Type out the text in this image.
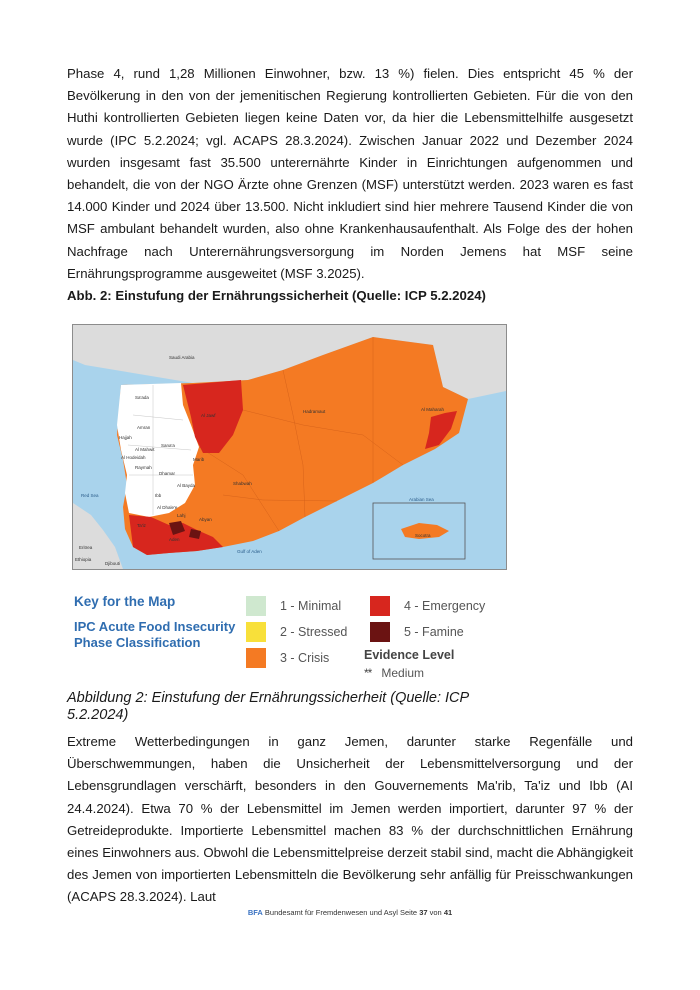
Phase 4, rund 1,28 Millionen Einwohner, bzw. 13 %) fielen. Dies entspricht 45 % der Bevölkerung in den von der jemenitischen Regierung kontrollierten Gebieten. Für die von den Huthi kontrollierten Gebieten liegen keine Daten vor, da hier die Lebensmittelhilfe ausgesetzt wurde (IPC 5.2.2024; vgl. ACAPS 28.3.2024). Zwischen Januar 2022 und Dezember 2024 wurden insgesamt fast 35.500 unterernährte Kinder in Einrichtungen aufgenommen und behandelt, die von der NGO Ärzte ohne Grenzen (MSF) unterstützt werden. 2023 waren es fast 14.000 Kinder und 2024 über 13.500. Nicht inkludiert sind hier mehrere Tausend Kinder die von MSF ambulant behandelt wurden, also ohne Krankenhausaufenthalt. Als Folge des der hohen Nachfrage nach Unterernährungsversorgung im Norden Jemens hat MSF seine Ernährungsprogramme ausgeweitet (MSF 3.2025).

Abb. 2: Einstufung der Ernährungssicherheit (Quelle: ICP 5.2.2024)

Saudi Arabia
Red Sea
Arabian Sea
Gulf of Aden
Socotra
Eritrea
Ethiopia
Djibouti
Al Jawf
Hadramaut	Al Maharah
Shabwah
Marib
Sa'ada
Amran
Hajjah
Al Hodeidah
Sana'a
Dhamar
Ibb
Ta'iz
Aden
Abyan
Lahj
Raymah
Al Mahwit
Al Bayda
Al Dhale'e

Key for the Map

IPC Acute Food Insecurity Phase Classification

1 - Minimal
2 - Stressed
3 - Crisis
4 - Emergency
5 - Famine
Evidence Level
** Medium

Abbildung 2: Einstufung der Ernährungssicherheit (Quelle: ICP 5.2.2024)

Extreme Wetterbedingungen in ganz Jemen, darunter starke Regenfälle und Überschwemmungen, haben die Unsicherheit der Lebensmittelversorgung und der Lebensgrundlagen verschärft, besonders in den Gouvernements Ma'rib, Ta'iz und Ibb (AI 24.4.2024). Etwa 70 % der Lebensmittel im Jemen werden importiert, darunter 97 % der Getreideprodukte. Importierte Lebensmittel machen 83 % der durchschnittlichen Ernährung eines Einwohners aus. Obwohl die Lebensmittelpreise derzeit stabil sind, macht die Abhängigkeit des Jemen von importierten Lebensmitteln die Bevölkerung sehr anfällig für Preisschwankungen (ACAPS 28.3.2024). Laut

BFA Bundesamt für Fremdenwesen und Asyl Seite 37 von 41
